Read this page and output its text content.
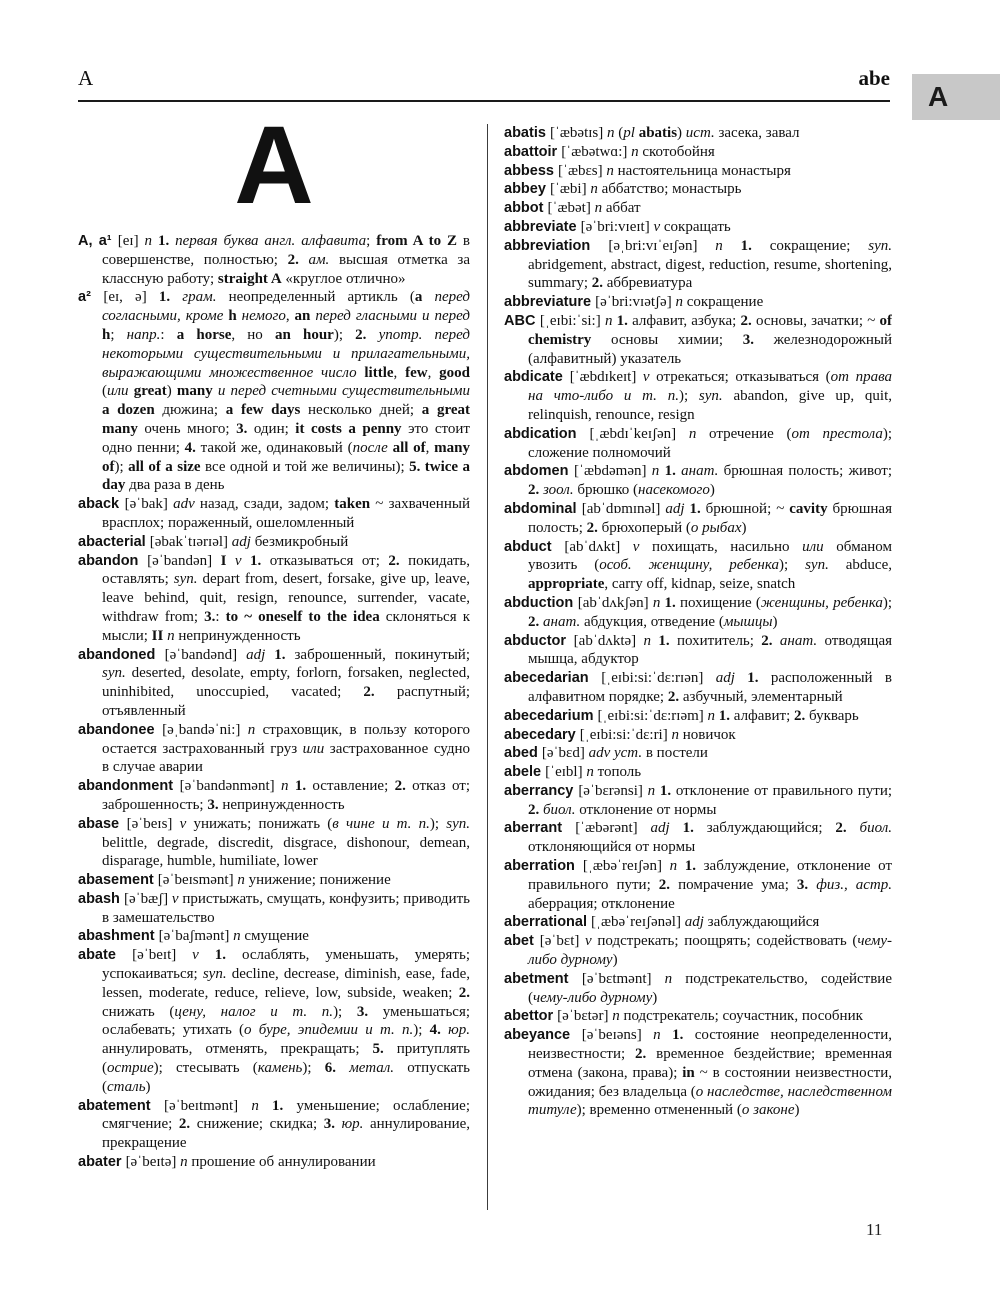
A	abe
A
A
A, a¹ [eɪ] n 1. первая буква англ. алфавита; from A to Z в совершенстве, полностью; 2. ам. высшая отметка за классную работу; straight A «круглое отлично»
a² [eɪ, ə] 1. грам. неопределенный артикль (a перед согласными, кроме h немого, an перед гласными и перед h; напр.: a horse, но an hour); 2. употр. перед некоторыми существительными и прилагательными, выражающими множественное число little, few, good (или great) many и перед счетными существительными a dozen дюжина; a few days несколько дней; a great many очень много; 3. один; it costs a penny это стоит одно пенни; 4. такой же, одинаковый (после all of, many of); all of a size все одной и той же величины); 5. twice a day два раза в день
aback [əˈbak] adv назад, сзади, задом; taken ~ захваченный врасплох; пораженный, ошеломленный
abacterial [əbakˈtɪərɪəl] adj безмикробный
abandon [əˈbandən] I v 1. отказываться от; 2. покидать, оставлять; syn. depart from, desert, forsake, give up, leave, leave behind, quit, resign, renounce, surrender, vacate, withdraw from; 3.: to ~ oneself to the idea склоняться к мысли; II n непринужденность
abandoned [əˈbandənd] adj 1. заброшенный, покинутый; syn. deserted, desolate, empty, forlorn, forsaken, neglected, uninhibited, unoccupied, vacated; 2. распутный; отъявленный
abandonee [əˌbandəˈni:] n страховщик, в пользу которого остается застрахованный груз или застрахованное судно в случае аварии
abandonment [əˈbandənmənt] n 1. оставление; 2. отказ от; заброшенность; 3. непринужденность
abase [əˈbeɪs] v унижать; понижать (в чине и т. п.); syn. belittle, degrade, discredit, disgrace, dishonour, demean, disparage, humble, humiliate, lower
abasement [əˈbeɪsmənt] n унижение; понижение
abash [əˈbæʃ] v пристыжать, смущать, конфузить; приводить в замешательство
abashment [əˈbaʃmənt] n смущение
abate [əˈbeɪt] v 1. ослаблять, уменьшать, умерять; успокаиваться; syn. decline, decrease, diminish, ease, fade, lessen, moderate, reduce, relieve, low, subside, weaken; 2. снижать (цену, налог и т. п.); 3. уменьшаться; ослабевать; утихать (о буре, эпидемии и т. п.); 4. юр. аннулировать, отменять, прекращать; 5. притуплять (острие); стесывать (камень); 6. метал. отпускать (сталь)
abatement [əˈbeɪtmənt] n 1. уменьшение; ослабление; смягчение; 2. снижение; скидка; 3. юр. аннулирование, прекращение
abater [əˈbeɪtə] n прошение об аннулировании
abatis [ˈæbətɪs] n (pl abatis) ист. засека, завал
abattoir [ˈæbətwɑ:] n скотобойня
abbess [ˈæbɛs] n настоятельница монастыря
abbey [ˈæbi] n аббатство; монастырь
abbot [ˈæbət] n аббат
abbreviate [əˈbri:vɪeɪt] v сокращать
abbreviation [əˌbri:vɪˈeɪʃən] n 1. сокращение; syn. abridgement, abstract, digest, reduction, resume, shortening, summary; 2. аббревиатура
abbreviature [əˈbri:vɪətʃə] n сокращение
ABC [ˌeɪbi:ˈsi:] n 1. алфавит, азбука; 2. основы, зачатки; ~ of chemistry основы химии; 3. железнодорожный (алфавитный) указатель
abdicate [ˈæbdɪkeɪt] v отрекаться; отказываться (от права на что-либо и т. п.); syn. abandon, give up, quit, relinquish, renounce, resign
abdication [ˌæbdɪˈkeɪʃən] n отречение (от престола); сложение полномочий
abdomen [ˈæbdəmən] n 1. анат. брюшная полость; живот; 2. зоол. брюшко (насекомого)
abdominal [abˈdɒmɪnəl] adj 1. брюшной; ~ cavity брюшная полость; 2. брюхоперый (о рыбах)
abduct [abˈdʌkt] v похищать, насильно или обманом увозить (особ. женщину, ребенка); syn. abduce, appropriate, carry off, kidnap, seize, snatch
abduction [abˈdʌkʃən] n 1. похищение (женщины, ребенка); 2. анат. абдукция, отведение (мышцы)
abductor [abˈdʌktə] n 1. похититель; 2. анат. отводящая мышца, абдуктор
abecedarian [ˌeɪbi:si:ˈdɛ:rɪən] adj 1. расположенный в алфавитном порядке; 2. азбучный, элементарный
abecedarium [ˌeɪbi:si:ˈdɛ:rɪəm] n 1. алфавит; 2. букварь
abecedary [ˌeɪbi:si:ˈdɛ:ri] n новичок
abed [əˈbɛd] adv уст. в постели
abele [ˈeɪbl] n тополь
aberrancy [əˈbɛrənsi] n 1. отклонение от правильного пути; 2. биол. отклонение от нормы
aberrant [ˈæbərənt] adj 1. заблуждающийся; 2. биол. отклоняющийся от нормы
aberration [ˌæbəˈreɪʃən] n 1. заблуждение, отклонение от правильного пути; 2. помрачение ума; 3. физ., астр. аберрация; отклонение
aberrational [ˌæbəˈreɪʃənəl] adj заблуждающийся
abet [əˈbɛt] v подстрекать; поощрять; содействовать (чему-либо дурному)
abetment [əˈbɛtmənt] n подстрекательство, содействие (чему-либо дурному)
abettor [əˈbɛtər] n подстрекатель; соучастник, пособник
abeyance [əˈbeɪəns] n 1. состояние неопределенности, неизвестности; 2. временное бездействие; временная отмена (закона, права); in ~ в состоянии неизвестности, ожидания; без владельца (о наследстве, наследственном титуле); временно отмененный (о законе)
11
